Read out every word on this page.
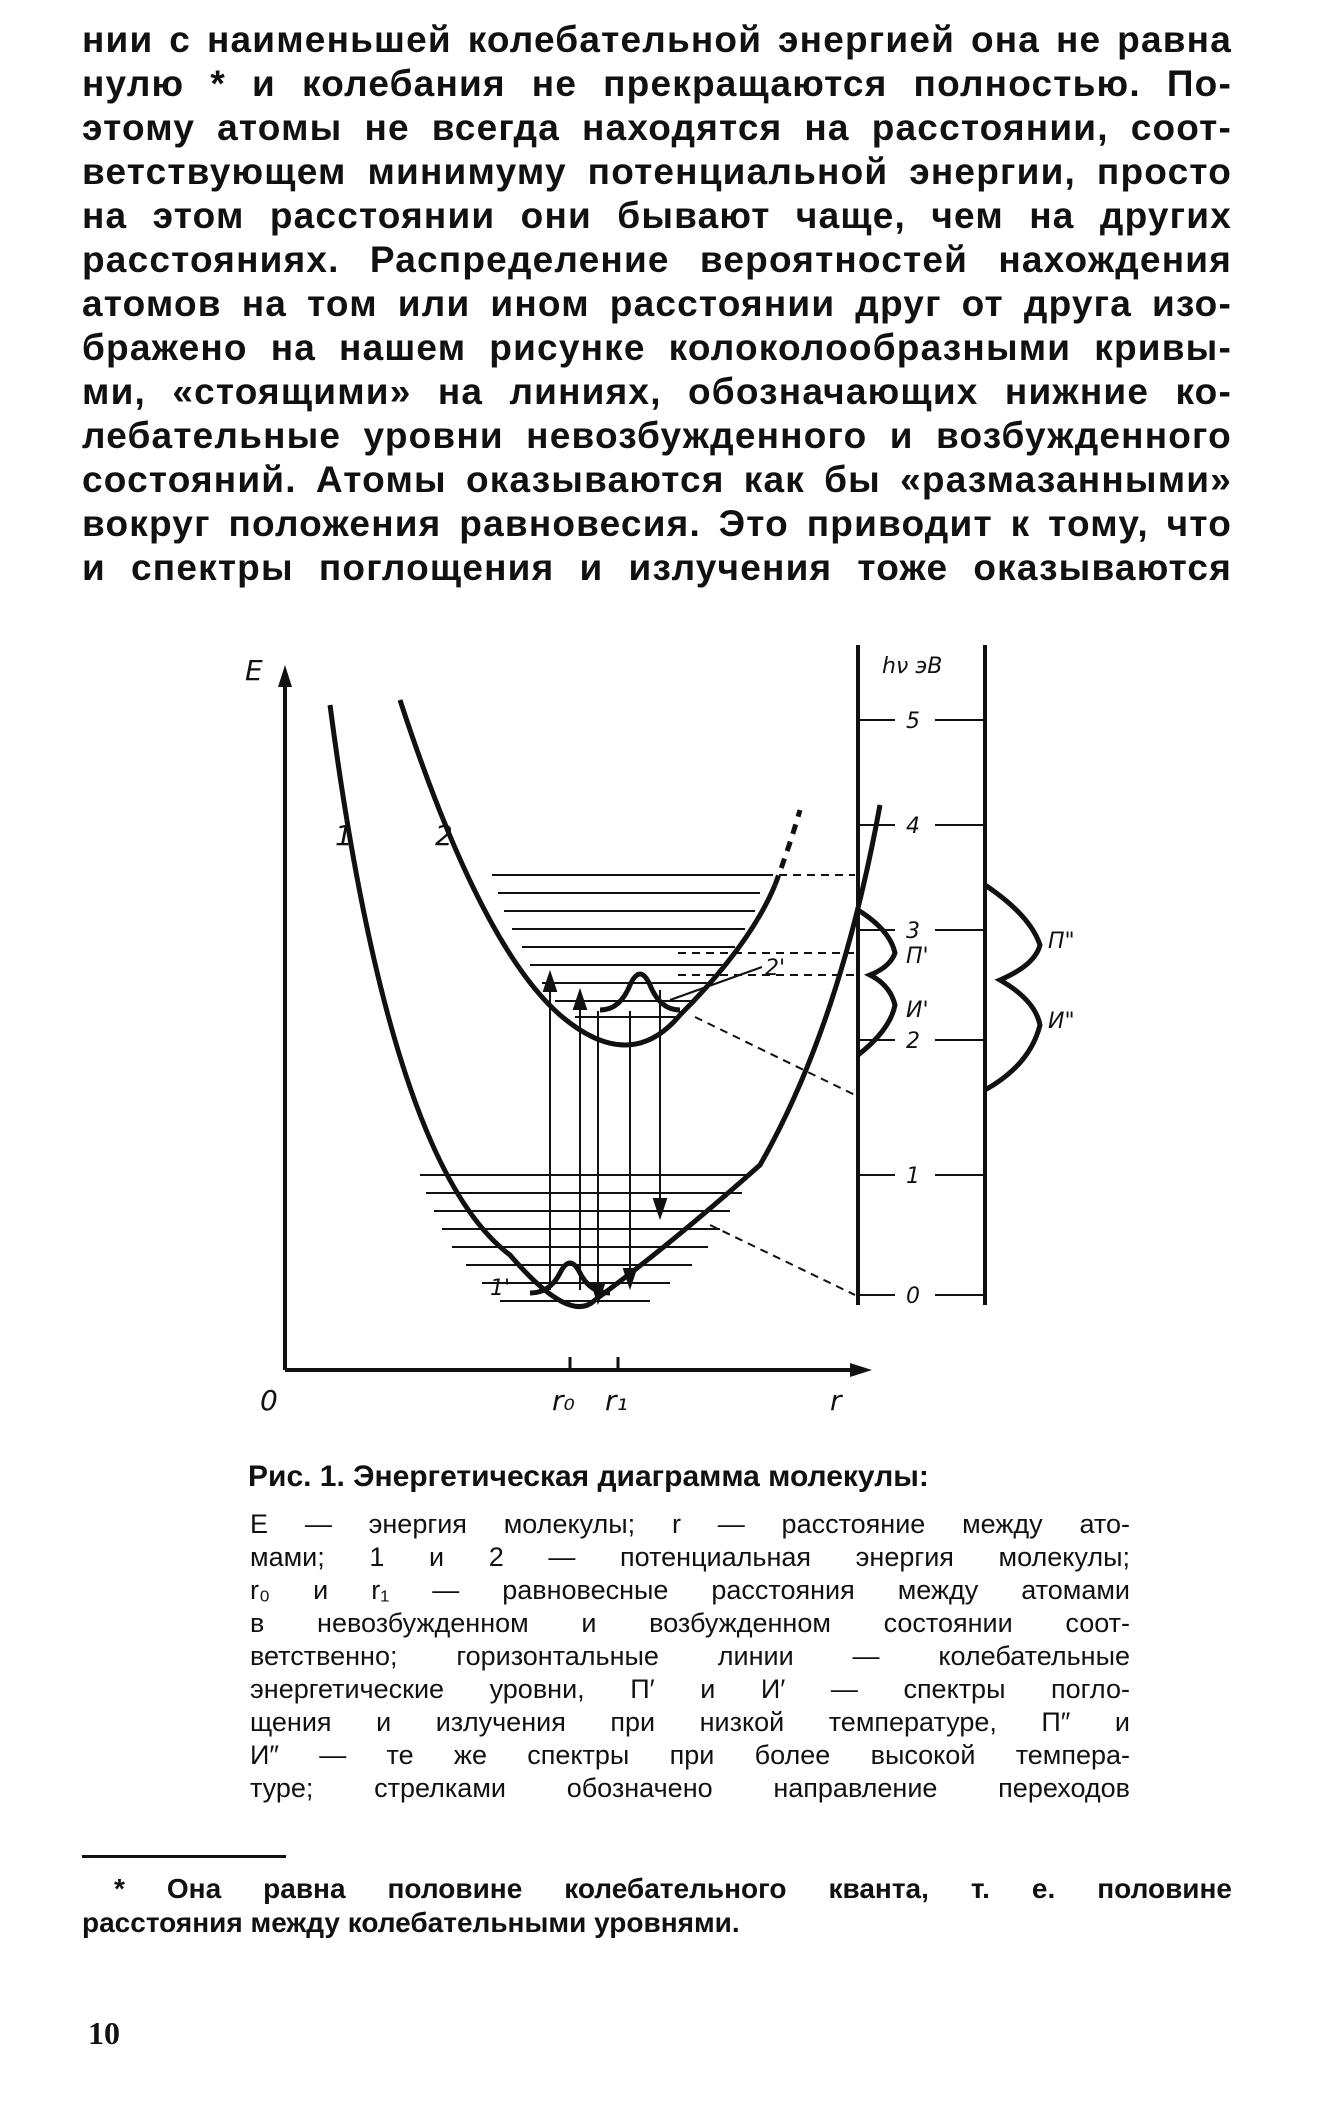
нии с наименьшей колебательной энергией она не равна
нулю * и колебания не прекращаются полностью. По-
этому атомы не всегда находятся на расстоянии, соот-
ветствующем минимуму потенциальной энергии, просто
на этом расстоянии они бывают чаще, чем на других
расстояниях. Распределение вероятностей нахождения
атомов на том или ином расстоянии друг от друга изо-
бражено на нашем рисунке колоколообразными кривы-
ми, «стоящими» на линиях, обозначающих нижние ко-
лебательные уровни невозбужденного и возбужденного
состояний. Атомы оказываются как бы «размазанными»
вокруг положения равновесия. Это приводит к тому, что
и спектры поглощения и излучения тоже оказываются
E
0	r
r₀ r₁
1	2
1'
2'
hν эВ
5
4
3
2
1
0
П'
И'
П"
И"
Рис. 1. Энергетическая диаграмма молекулы:
E — энергия молекулы; r — расстояние между ато-
мами; 1 и 2 — потенциальная энергия молекулы;
r₀ и r₁ — равновесные расстояния между атомами
в невозбужденном и возбужденном состоянии соот-
ветственно; горизонтальные линии — колебательные
энергетические уровни, П′ и И′ — спектры погло-
щения и излучения при низкой температуре, П″ и
И″ — те же спектры при более высокой темпера-
туре; стрелками обозначено направление переходов
* Она равна половине колебательного кванта, т. е. половине
расстояния между колебательными уровнями.
10
